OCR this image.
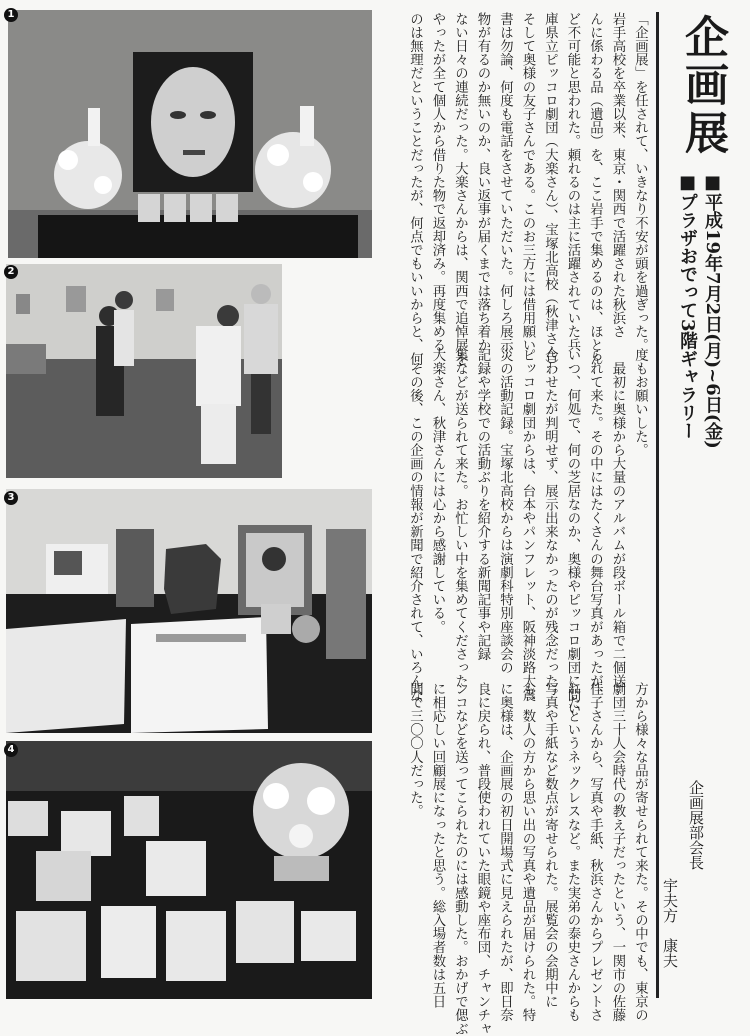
1
2
3
4
企画展
■平成19年7月2日(月)~6日(金)
■プラザおでって3階ギャラリー
「企画展」を任されて、いきなり不安が頭を過ぎった。
岩手高校を卒業以来、東京・関西で活躍された秋浜さ
んに係わる品（遺品）を、ここ岩手で集めるのは、ほとん
ど不可能と思われた。頼れるのは主に活躍されていた兵
庫県立ピッコロ劇団（大楽さん）、宝塚北高校（秋津さん）、
そして奥様の友子さんである。このお三方には借用願い
書は勿論、何度も電話をさせていただいた。何しろ展示
物が有るのか無いのか、良い返事が届くまでは落ち着か
ない日々の連続だった。大楽さんからは、関西で追悼展を
やったが全て個人から借りた物で返却済み。再度集める
のは無理だということだったが、何点でもいいからと、何
度もお願いした。
　最初に奥様から大量のアルバムが段ボール箱で二個送
られて来た。その中にはたくさんの舞台写真があったが、
いつ、何処で、何の芝居なのか、奥様やピッコロ劇団に問い
合わせたが判明せず、展示出来なかったのが残念だった。
ピッコロ劇団からは、台本やパンフレット、阪神淡路大震
災の活動記録。宝塚北高校からは演劇科特別座談会の
記録や学校での活動ぶりを紹介する新聞記事や記録
集などが送られて来た。お忙しい中を集めてくださった
大楽さん、秋津さんには心から感謝している。
　その後、この企画の情報が新聞で紹介されて、いろんな
方から様々な品が寄せられて来た。その中でも、東京の
劇団三十人会時代の教え子だったという、一関市の佐藤
佳子さんから、写真や手紙、秋浜さんからプレゼントさ
れたというネックレスなど。また実弟の泰史さんからも
写真や手紙など数点が寄せられた。展覧会の会期中に
も、数人の方から思い出の写真や遺品が届けられた。特
に奥様は、企画展の初日開場式に見えられたが、即日奈
良に戻られ、普段使われていた眼鏡や座布団、チャンチャ
ンコなどを送ってこられたのには感動した。おかげで偲ぶ
に相応しい回顧展になったと思う。総入場者数は五日
間で三〇〇人だった。
企画展部会長
宇夫方　康夫
